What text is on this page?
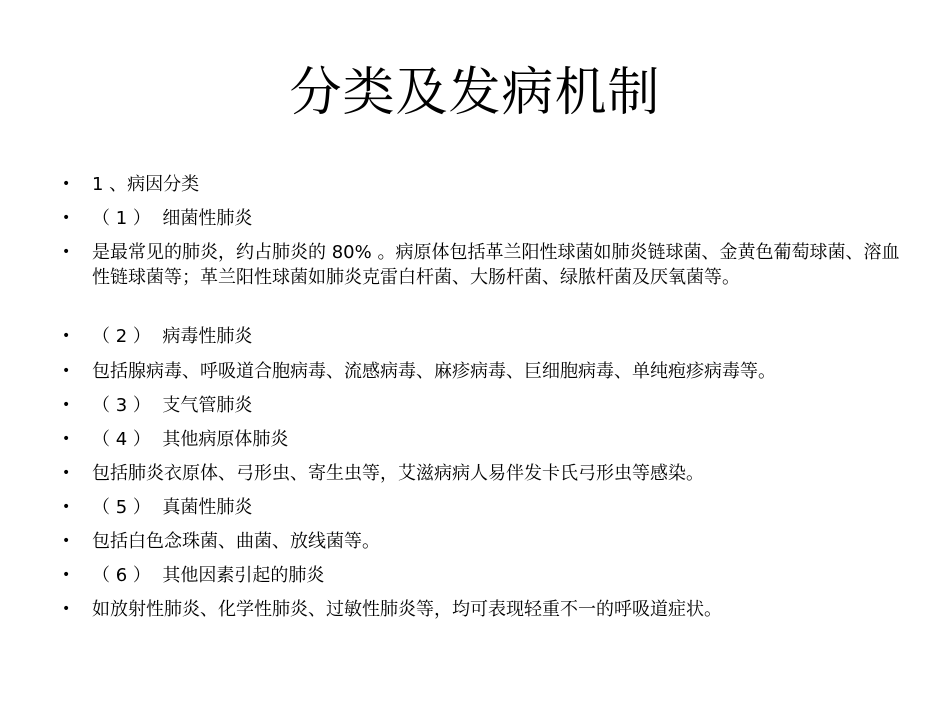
分类及发病机制
•	1 、病因分类
•	（ 1 ）  细菌性肺炎
•	是最常见的肺炎，约占肺炎的 80% 。病原体包括革兰阳性球菌如肺炎链球菌、金黄色葡萄球菌、溶血性链球菌等；革兰阳性球菌如肺炎克雷白杆菌、大肠杆菌、绿脓杆菌及厌氧菌等。
•	（ 2 ）  病毒性肺炎
•	包括腺病毒、呼吸道合胞病毒、流感病毒、麻疹病毒、巨细胞病毒、单纯疱疹病毒等。
•	（ 3 ）  支气管肺炎
•	（ 4 ）  其他病原体肺炎
•	包括肺炎衣原体、弓形虫、寄生虫等，艾滋病病人易伴发卡氏弓形虫等感染。
•	（ 5 ）  真菌性肺炎
•	包括白色念珠菌、曲菌、放线菌等。
•	（ 6 ）  其他因素引起的肺炎
•	如放射性肺炎、化学性肺炎、过敏性肺炎等，均可表现轻重不一的呼吸道症状。
